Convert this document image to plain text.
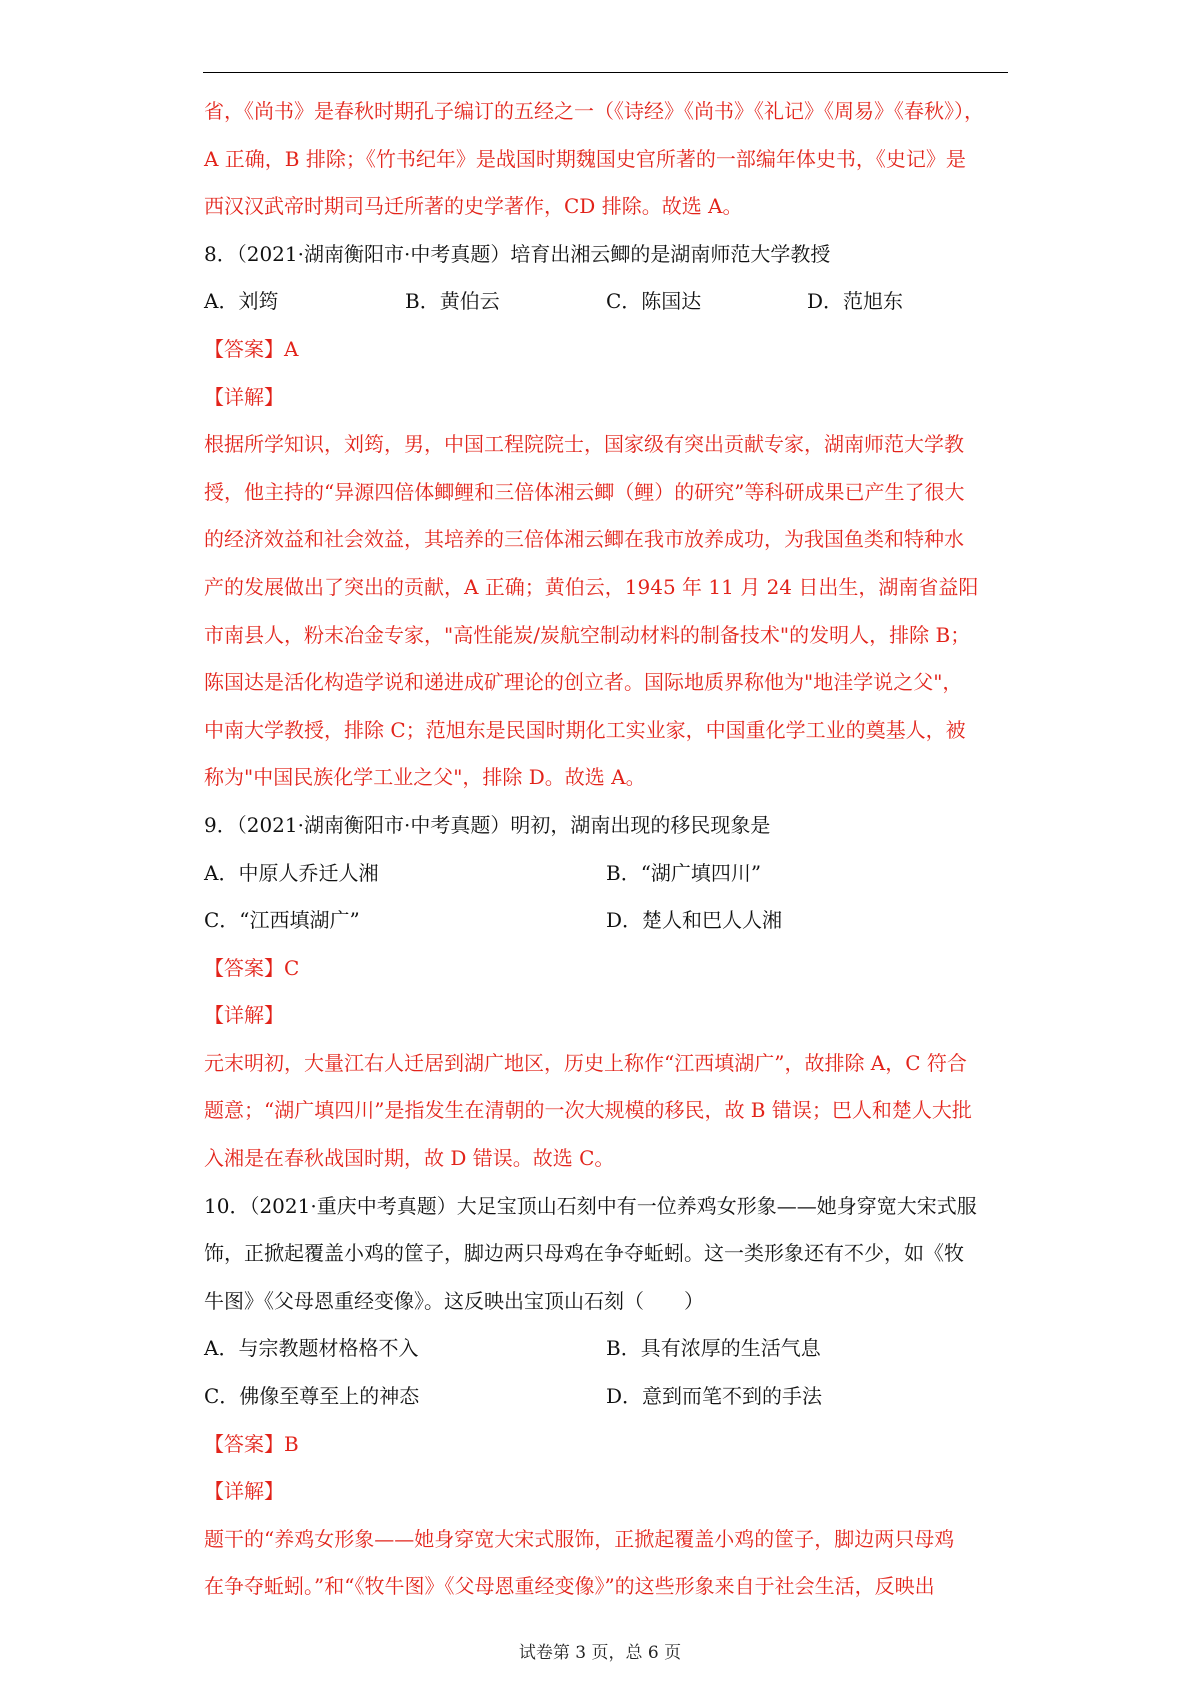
省，《尚书》是春秋时期孔子编订的五经之一（《诗经》《尚书》《礼记》《周易》《春秋》），
A 正确，B 排除；《竹书纪年》是战国时期魏国史官所著的一部编年体史书，《史记》是
西汉汉武帝时期司马迁所著的史学著作，CD 排除。故选 A。
8．（2021·湖南衡阳市·中考真题）培育出湘云鲫的是湖南师范大学教授
A．刘筠	B．黄伯云	C．陈国达	D．范旭东
【答案】A
【详解】
根据所学知识，刘筠，男，中国工程院院士，国家级有突出贡献专家，湖南师范大学教
授，他主持的“异源四倍体鲫鲤和三倍体湘云鲫（鲤）的研究”等科研成果已产生了很大
的经济效益和社会效益，其培养的三倍体湘云鲫在我市放养成功，为我国鱼类和特种水
产的发展做出了突出的贡献，A 正确；黄伯云，1945 年 11 月 24 日出生，湖南省益阳
市南县人，粉末冶金专家，"高性能炭/炭航空制动材料的制备技术"的发明人，排除 B；
陈国达是活化构造学说和递进成矿理论的创立者。国际地质界称他为"地洼学说之父"，
中南大学教授，排除 C；范旭东是民国时期化工实业家，中国重化学工业的奠基人，被
称为"中国民族化学工业之父"，排除 D。故选 A。
9．（2021·湖南衡阳市·中考真题）明初，湖南出现的移民现象是
A．中原人乔迁人湘	B．“湖广填四川”
C．“江西填湖广”	D．楚人和巴人人湘
【答案】C
【详解】
元末明初，大量江右人迁居到湖广地区，历史上称作“江西填湖广”，故排除 A，C 符合
题意；“湖广填四川”是指发生在清朝的一次大规模的移民，故 B 错误；巴人和楚人大批
入湘是在春秋战国时期，故 D 错误。故选 C。
10．（2021·重庆中考真题）大足宝顶山石刻中有一位养鸡女形象——她身穿宽大宋式服
饰，正掀起覆盖小鸡的筐子，脚边两只母鸡在争夺蚯蚓。这一类形象还有不少，如《牧
牛图》《父母恩重经变像》。这反映出宝顶山石刻（　　）
A．与宗教题材格格不入	B．具有浓厚的生活气息
C．佛像至尊至上的神态	D．意到而笔不到的手法
【答案】B
【详解】
题干的“养鸡女形象——她身穿宽大宋式服饰，正掀起覆盖小鸡的筐子，脚边两只母鸡
在争夺蚯蚓。”和“《牧牛图》《父母恩重经变像》”的这些形象来自于社会生活，反映出
试卷第 3 页，总 6 页
